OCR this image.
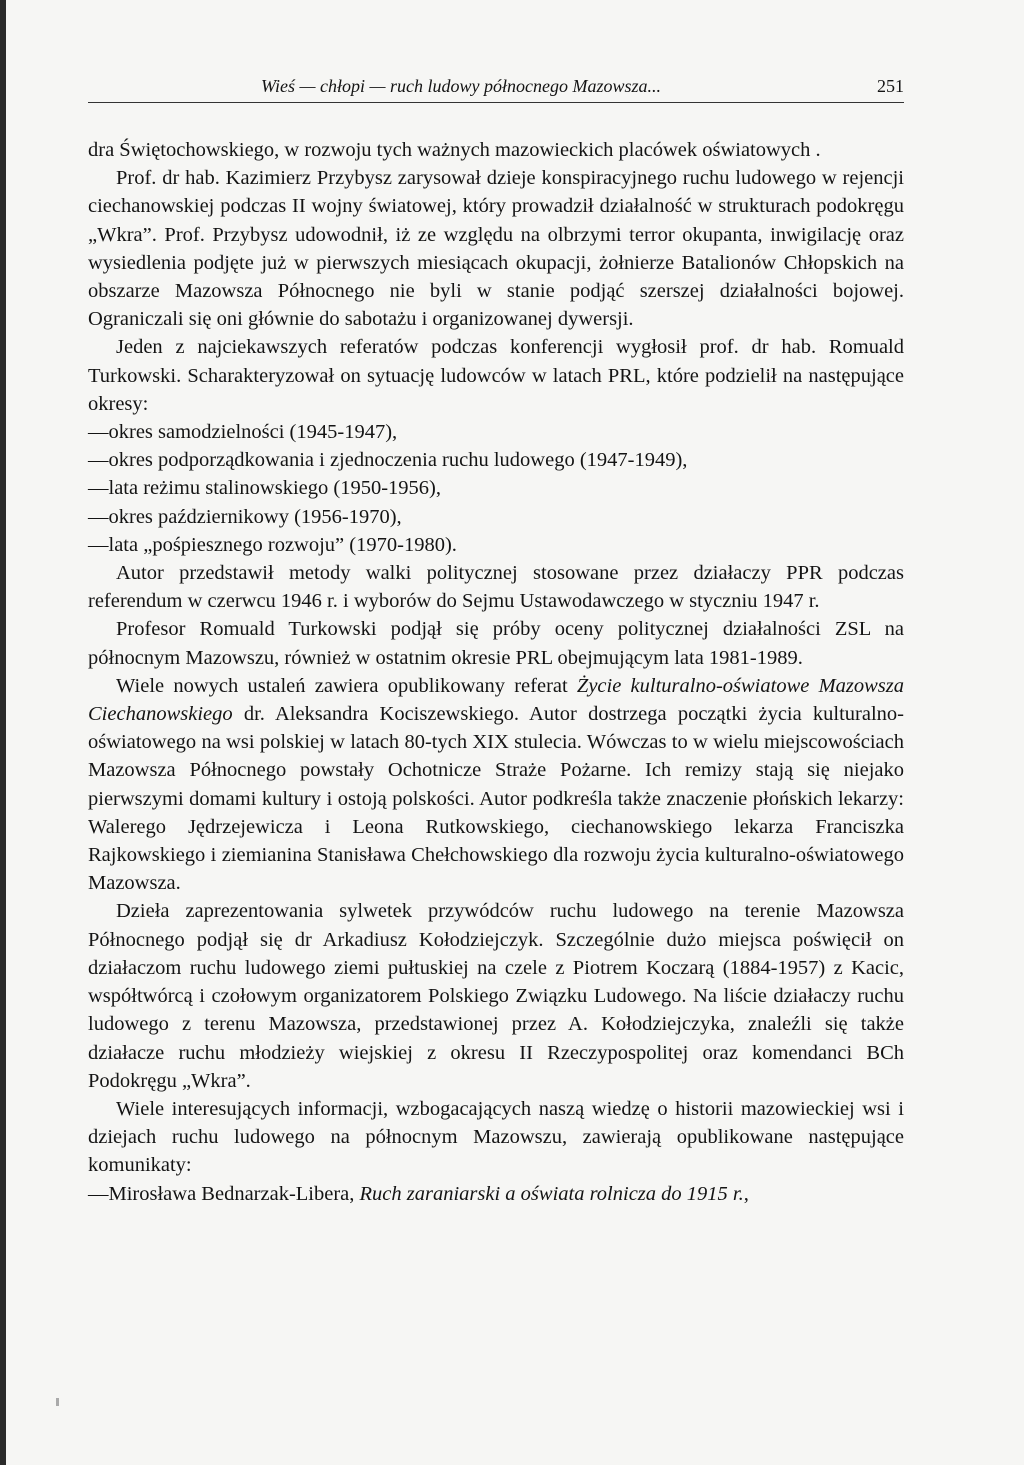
Wieś — chłopi — ruch ludowy północnego Mazowsza...	251

dra Świętochowskiego, w rozwoju tych ważnych mazowieckich placówek oświatowych .

Prof. dr hab. Kazimierz Przybysz zarysował dzieje konspiracyjnego ruchu ludowego w rejencji ciechanowskiej podczas II wojny światowej, który prowadził działalność w strukturach podokręgu „Wkra”. Prof. Przybysz udowodnił, iż ze względu na olbrzymi terror okupanta, inwigilację oraz wysiedlenia podjęte już w pierwszych miesiącach okupacji, żołnierze Batalionów Chłopskich na obszarze Mazowsza Północnego nie byli w stanie podjąć szerszej działalności bojowej. Ograniczali się oni głównie do sabotażu i organizowanej dywersji.

Jeden z najciekawszych referatów podczas konferencji wygłosił prof. dr hab. Romuald Turkowski. Scharakteryzował on sytuację ludowców w latach PRL, które podzielił na następujące okresy:

—okres samodzielności (1945-1947),

—okres podporządkowania i zjednoczenia ruchu ludowego (1947-1949),

—lata reżimu stalinowskiego (1950-1956),

—okres październikowy (1956-1970),

—lata „pośpiesznego rozwoju” (1970-1980).

Autor przedstawił metody walki politycznej stosowane przez działaczy PPR podczas referendum w czerwcu 1946 r. i wyborów do Sejmu Ustawodawczego w styczniu 1947 r.

Profesor Romuald Turkowski podjął się próby oceny politycznej działalności ZSL na północnym Mazowszu, również w ostatnim okresie PRL obejmującym lata 1981-1989.

Wiele nowych ustaleń zawiera opublikowany referat Życie kulturalno-oświatowe Mazowsza Ciechanowskiego dr. Aleksandra Kociszewskiego. Autor dostrzega początki życia kulturalno-oświatowego na wsi polskiej w latach 80-tych XIX stulecia. Wówczas to w wielu miejscowościach Mazowsza Północnego powstały Ochotnicze Straże Pożarne. Ich remizy stają się niejako pierwszymi domami kultury i ostoją polskości. Autor podkreśla także znaczenie płońskich lekarzy: Walerego Jędrzejewicza i Leona Rutkowskiego, ciechanowskiego lekarza Franciszka Rajkowskiego i ziemianina Stanisława Chełchowskiego dla rozwoju życia kulturalno-oświatowego Mazowsza.

Dzieła zaprezentowania sylwetek przywódców ruchu ludowego na terenie Mazowsza Północnego podjął się dr Arkadiusz Kołodziejczyk. Szczególnie dużo miejsca poświęcił on działaczom ruchu ludowego ziemi pułtuskiej na czele z Piotrem Koczarą (1884-1957) z Kacic, współtwórcą i czołowym organizatorem Polskiego Związku Ludowego. Na liście działaczy ruchu ludowego z terenu Mazowsza, przedstawionej przez A. Kołodziejczyka, znaleźli się także działacze ruchu młodzieży wiejskiej z okresu II Rzeczypospolitej oraz komendanci BCh Podokręgu „Wkra”.

Wiele interesujących informacji, wzbogacających naszą wiedzę o historii mazowieckiej wsi i dziejach ruchu ludowego na północnym Mazowszu, zawierają opublikowane następujące komunikaty:

—Mirosława Bednarzak-Libera, Ruch zaraniarski a oświata rolnicza do 1915 r.,
